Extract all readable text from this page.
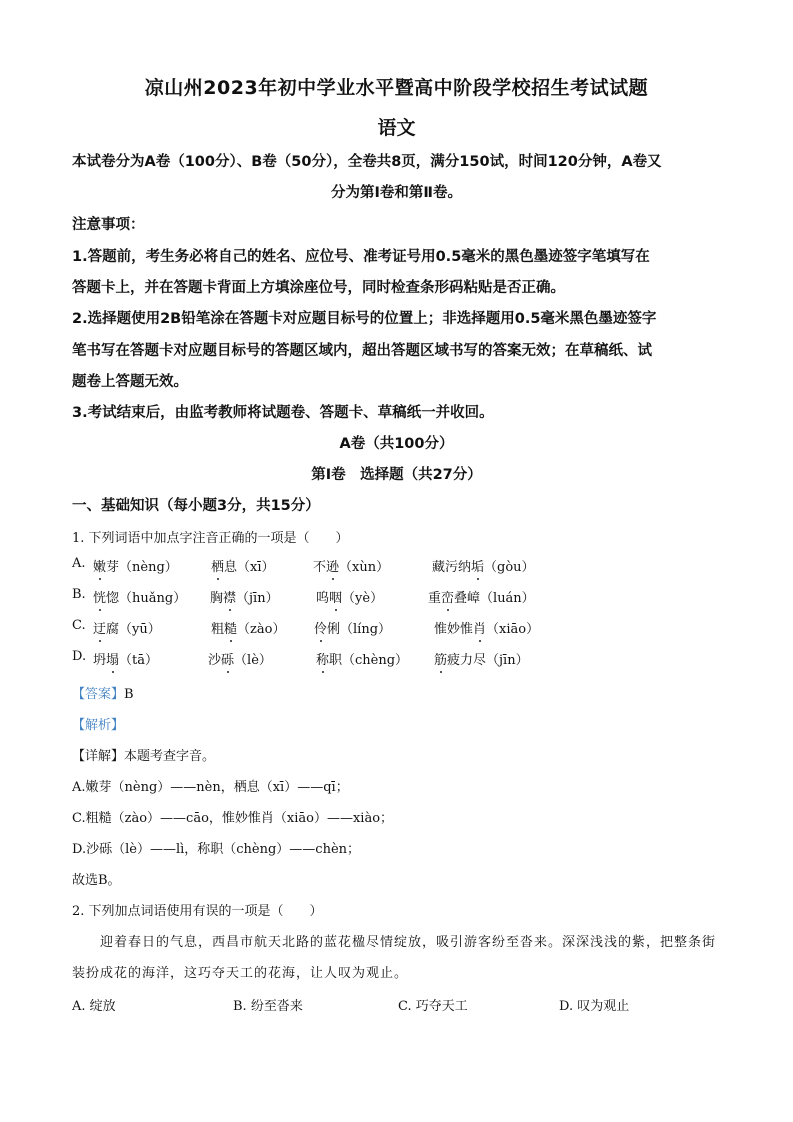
凉山州2023年初中学业水平暨高中阶段学校招生考试试题
语文
本试卷分为A卷（100分）、B卷（50分），全卷共8页，满分150试，时间120分钟，A卷又
分为第Ⅰ卷和第Ⅱ卷。
注意事项：
1.答题前，考生务必将自己的姓名、应位号、准考证号用0.5毫米的黑色墨迹签字笔填写在
答题卡上，并在答题卡背面上方填涂座位号，同时检查条形码粘贴是否正确。
2.选择题使用2B铅笔涂在答题卡对应题目标号的位置上；非选择题用0.5毫米黑色墨迹签字
笔书写在答题卡对应题目标号的答题区域内，超出答题区域书写的答案无效；在草稿纸、试
题卷上答题无效。
3.考试结束后，由监考教师将试题卷、答题卡、草稿纸一并收回。
A卷（共100分）
第Ⅰ卷　选择题（共27分）
一、基础知识（每小题3分，共15分）
1. 下列词语中加点字注音正确的一项是（　　）
A. 嫩芽（nèng）	栖息（xī）	不逊（xùn）	藏污纳垢（gòu）
B. 恍惚（huǎng） 胸襟（jīn）	呜咽（yè）	重峦叠嶂（luán）
C. 迂腐（yū）	粗糙（zào） 伶俐（líng）	惟妙惟肖（xiāo）
D. 坍塌（tā）	沙砾（lè）	称职（chèng） 筋疲力尽（jīn）
【答案】B
【解析】
【详解】本题考查字音。
A.嫩芽（nèng）——nèn，栖息（xī）——qī；
C.粗糙（zào）——cāo，惟妙惟肖（xiāo）——xiào；
D.沙砾（lè）——lì，称职（chèng）——chèn；
故选B。
2. 下列加点词语使用有误的一项是（　　）
迎着春日的气息，西昌市航天北路的蓝花楹尽情绽放，吸引游客纷至沓来。深深浅浅的紫，把整条街
装扮成花的海洋，这巧夺天工的花海，让人叹为观止。
A. 绽放	B. 纷至沓来	C. 巧夺天工	D. 叹为观止
